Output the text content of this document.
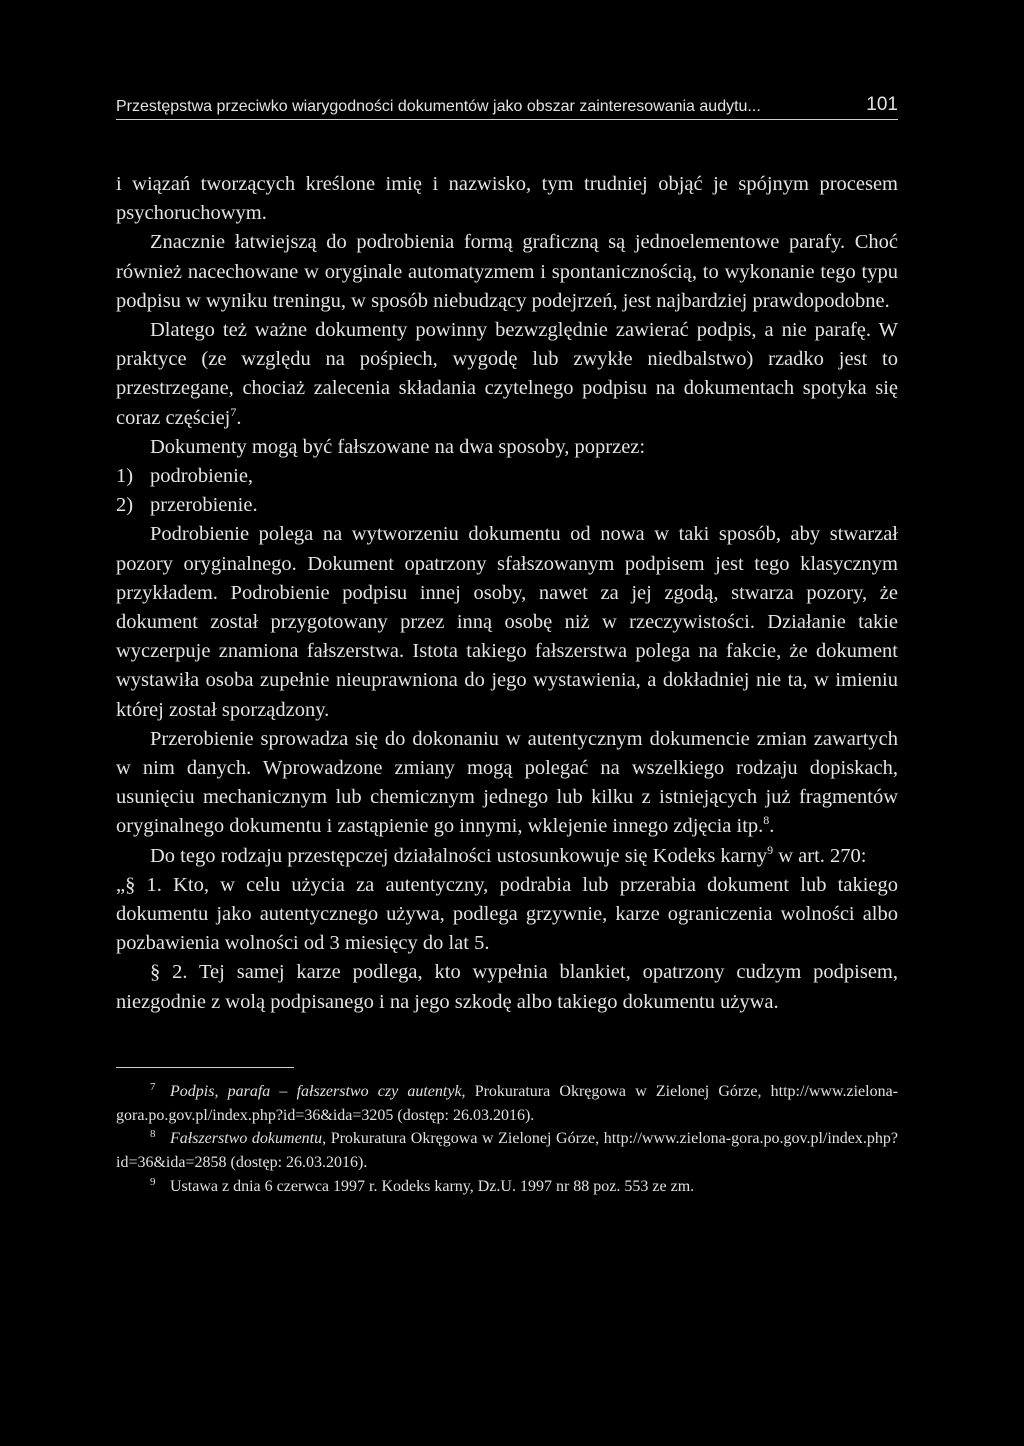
Przestępstwa przeciwko wiarygodności dokumentów jako obszar zainteresowania audytu...	101

i wiązań tworzących kreślone imię i nazwisko, tym trudniej objąć je spójnym procesem psychoruchowym.

Znacznie łatwiejszą do podrobienia formą graficzną są jednoelementowe parafy. Choć również nacechowane w oryginale automatyzmem i spontanicznością, to wykonanie tego typu podpisu w wyniku treningu, w sposób niebudzący podejrzeń, jest najbardziej prawdopodobne.

Dlatego też ważne dokumenty powinny bezwzględnie zawierać podpis, a nie parafę. W praktyce (ze względu na pośpiech, wygodę lub zwykłe niedbalstwo) rzadko jest to przestrzegane, chociaż zalecenia składania czytelnego podpisu na dokumentach spotyka się coraz częściej$^7$.

Dokumenty mogą być fałszowane na dwa sposoby, poprzez:

1) podrobienie,

2) przerobienie.

Podrobienie polega na wytworzeniu dokumentu od nowa w taki sposób, aby stwarzał pozory oryginalnego. Dokument opatrzony sfałszowanym podpisem jest tego klasycznym przykładem. Podrobienie podpisu innej osoby, nawet za jej zgodą, stwarza pozory, że dokument został przygotowany przez inną osobę niż w rzeczywistości. Działanie takie wyczerpuje znamiona fałszerstwa. Istota takiego fałszerstwa polega na fakcie, że dokument wystawiła osoba zupełnie nieuprawniona do jego wystawienia, a dokładniej nie ta, w imieniu której został sporządzony.

Przerobienie sprowadza się do dokonaniu w autentycznym dokumencie zmian zawartych w nim danych. Wprowadzone zmiany mogą polegać na wszelkiego rodzaju dopiskach, usunięciu mechanicznym lub chemicznym jednego lub kilku z istniejących już fragmentów oryginalnego dokumentu i zastąpienie go innymi, wklejenie innego zdjęcia itp.$^8$.

Do tego rodzaju przestępczej działalności ustosunkowuje się Kodeks karny$^9$ w art. 270:

„§ 1. Kto, w celu użycia za autentyczny, podrabia lub przerabia dokument lub takiego dokumentu jako autentycznego używa, podlega grzywnie, karze ograniczenia wolności albo pozbawienia wolności od 3 miesięcy do lat 5.

§ 2. Tej samej karze podlega, kto wypełnia blankiet, opatrzony cudzym podpisem, niezgodnie z wolą podpisanego i na jego szkodę albo takiego dokumentu używa.

7 Podpis, parafa – fałszerstwo czy autentyk, Prokuratura Okręgowa w Zielonej Górze, http://www.zielona-gora.po.gov.pl/index.php?id=36&ida=3205 (dostęp: 26.03.2016).

8 Fałszerstwo dokumentu, Prokuratura Okręgowa w Zielonej Górze, http://www.zielona-gora.po.gov.pl/index.php?id=36&ida=2858 (dostęp: 26.03.2016).

9 Ustawa z dnia 6 czerwca 1997 r. Kodeks karny, Dz.U. 1997 nr 88 poz. 553 ze zm.
